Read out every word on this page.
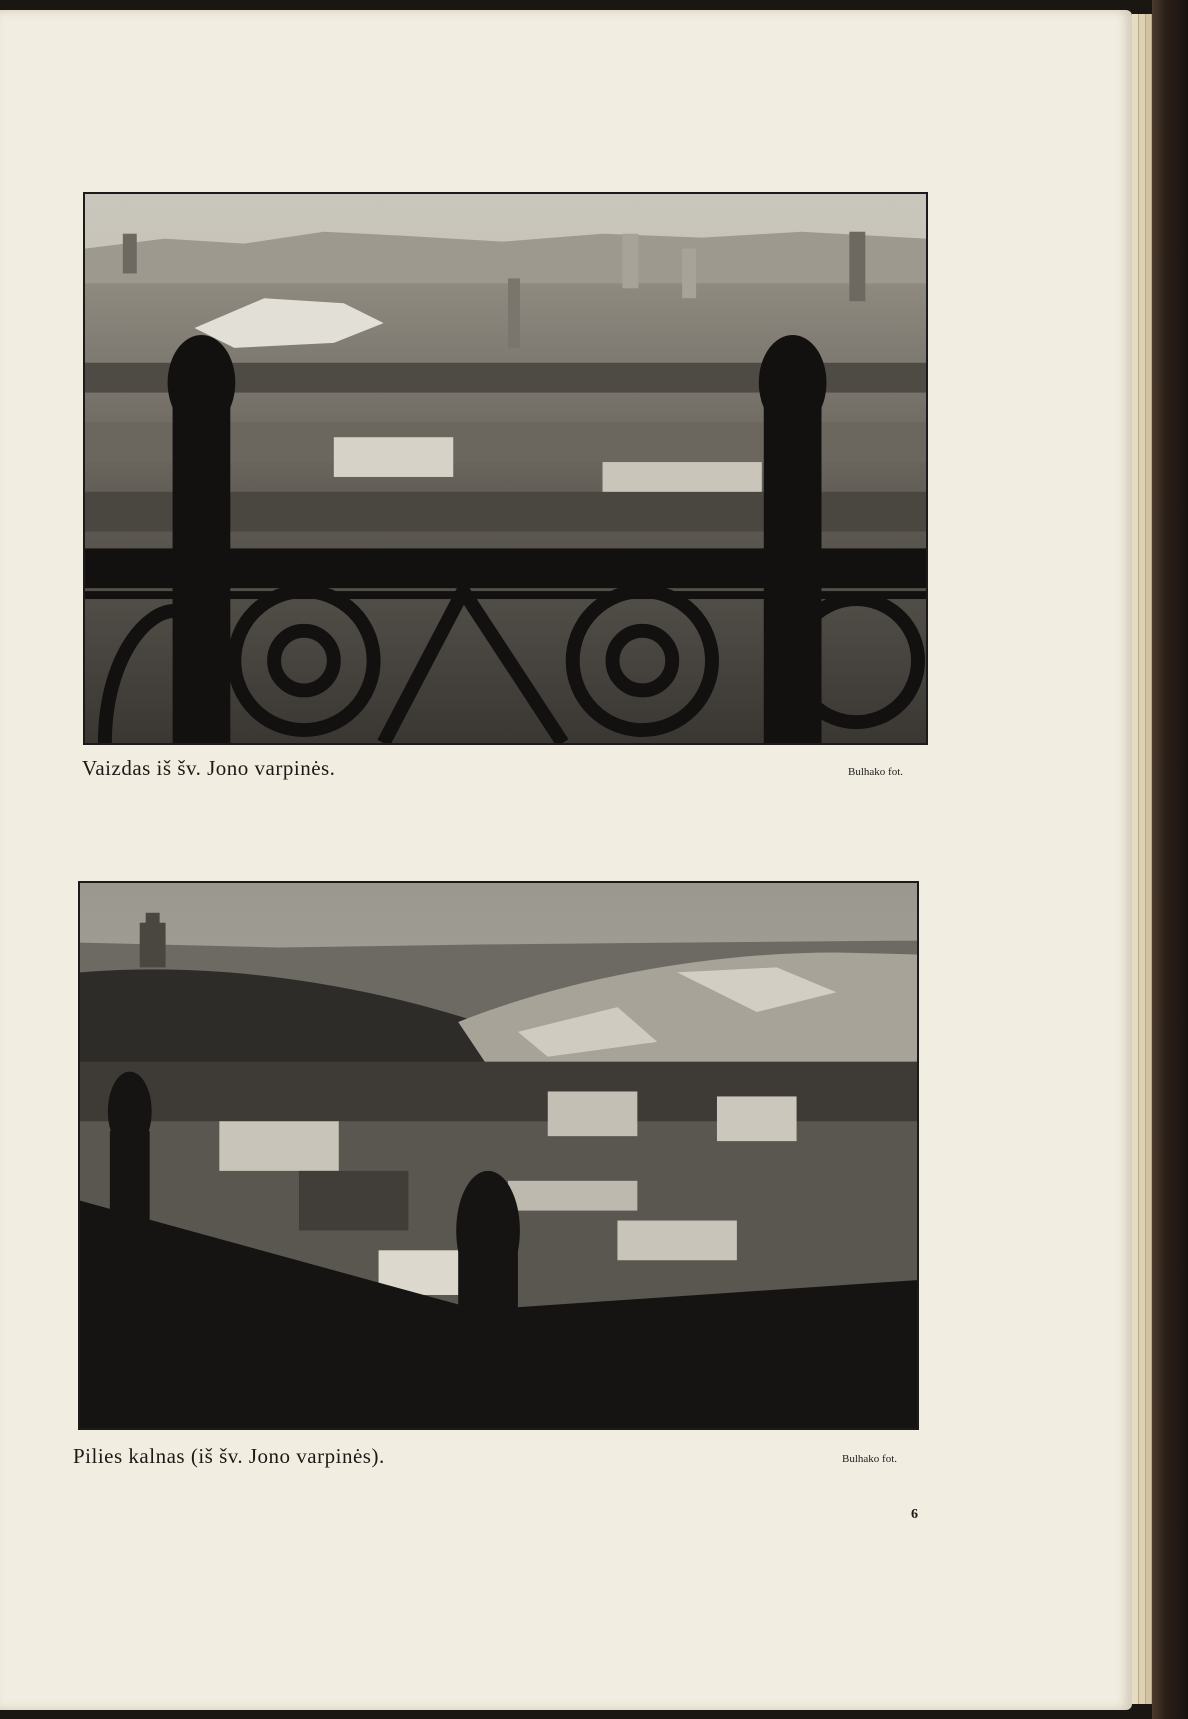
Vaizdas iš šv. Jono varpinės.	Bulhako fot.
Pilies kalnas (iš šv. Jono varpinės).	Bulhako fot.
6
